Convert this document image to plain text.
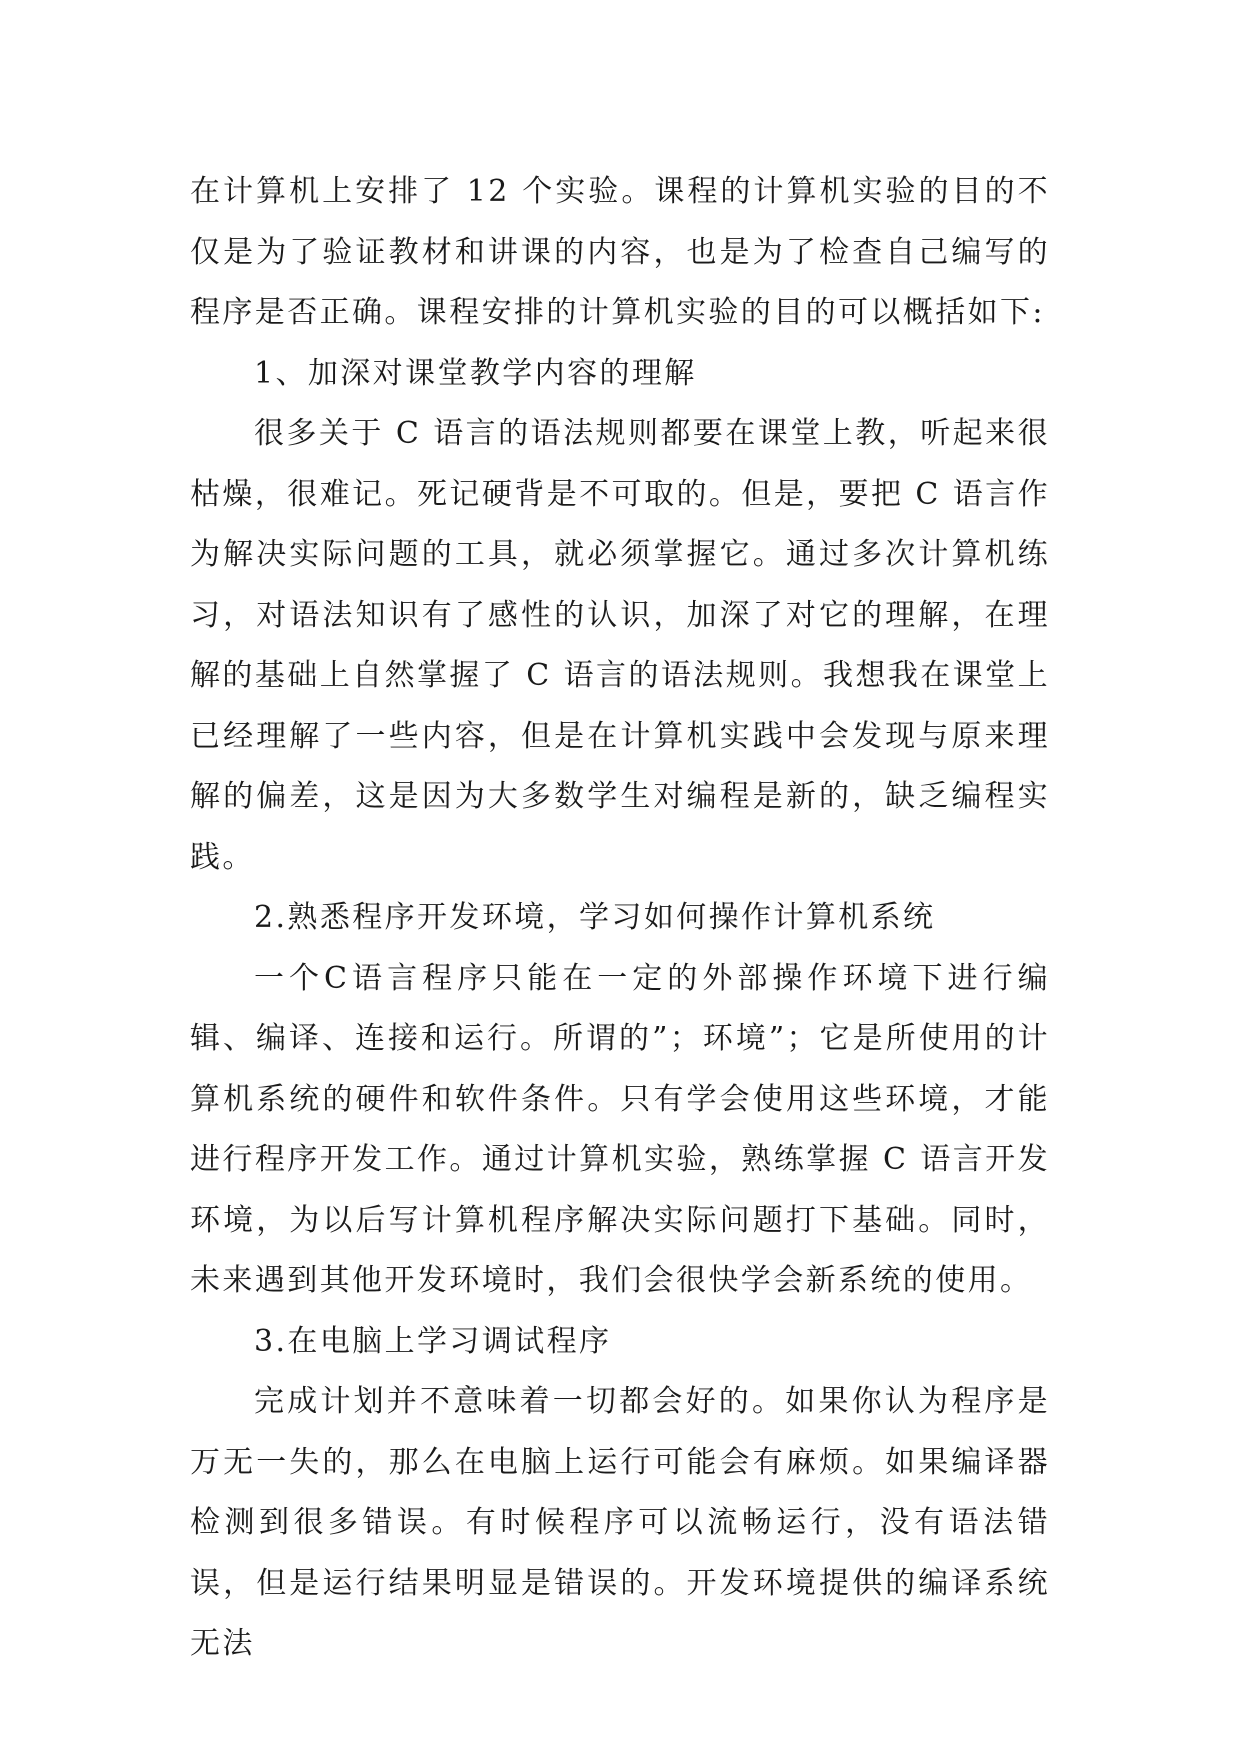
在计算机上安排了 12 个实验。课程的计算机实验的目的不仅是为了验证教材和讲课的内容，也是为了检查自己编写的程序是否正确。课程安排的计算机实验的目的可以概括如下:

1、加深对课堂教学内容的理解

很多关于 C 语言的语法规则都要在课堂上教，听起来很枯燥，很难记。死记硬背是不可取的。但是，要把 C 语言作为解决实际问题的工具，就必须掌握它。通过多次计算机练习，对语法知识有了感性的认识，加深了对它的理解，在理解的基础上自然掌握了 C 语言的语法规则。我想我在课堂上已经理解了一些内容，但是在计算机实践中会发现与原来理解的偏差，这是因为大多数学生对编程是新的，缺乏编程实践。

2.熟悉程序开发环境，学习如何操作计算机系统

一个C语言程序只能在一定的外部操作环境下进行编辑、编译、连接和运行。所谓的”；环境”；它是所使用的计算机系统的硬件和软件条件。只有学会使用这些环境，才能进行程序开发工作。通过计算机实验，熟练掌握 C 语言开发环境，为以后写计算机程序解决实际问题打下基础。同时，未来遇到其他开发环境时，我们会很快学会新系统的使用。

3.在电脑上学习调试程序

完成计划并不意味着一切都会好的。如果你认为程序是万无一失的，那么在电脑上运行可能会有麻烦。如果编译器检测到很多错误。有时候程序可以流畅运行，没有语法错误，但是运行结果明显是错误的。开发环境提供的编译系统无法
